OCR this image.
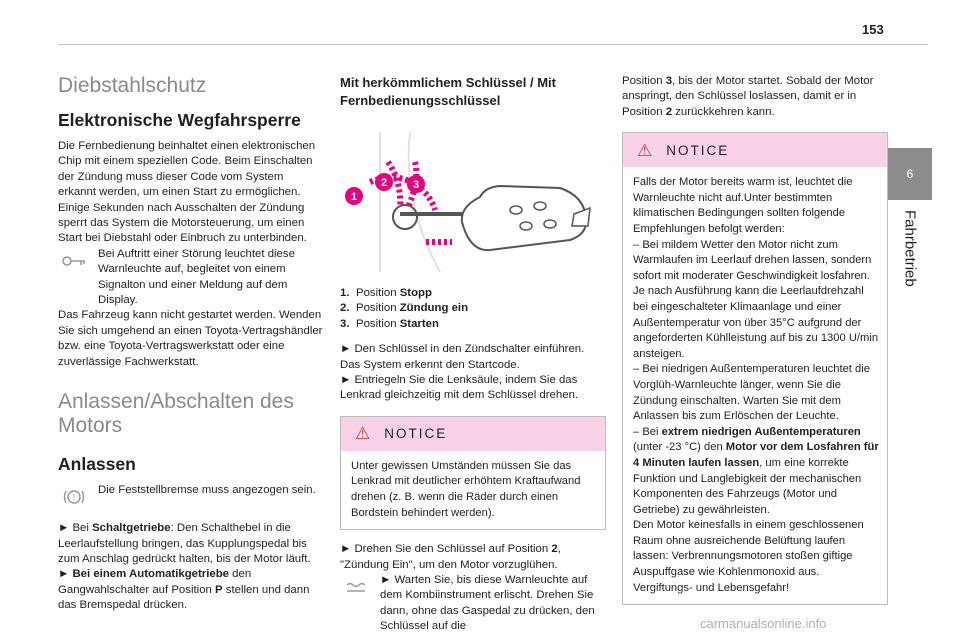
153
6
Fahrbetrieb
Diebstahlschutz
Elektronische Wegfahrsperre

Die Fernbedienung beinhaltet einen elektronischen Chip mit einem speziellen Code. Beim Einschalten der Zündung muss dieser Code vom System erkannt werden, um einen Start zu ermöglichen.

Einige Sekunden nach Ausschalten der Zündung sperrt das System die Motorsteuerung, um einen Start bei Diebstahl oder Einbruch zu unterbinden.

Bei Auftritt einer Störung leuchtet diese Warnleuchte auf, begleitet von einem Signalton und einer Meldung auf dem Display.

Das Fahrzeug kann nicht gestartet werden. Wenden Sie sich umgehend an einen Toyota-Vertragshändler bzw. eine Toyota-Vertragswerkstatt oder eine zuverlässige Fachwerkstatt.

Anlassen/Abschalten des Motors
Anlassen
!

Die Feststellbremse muss angezogen sein.

► Bei Schaltgetriebe: Den Schalthebel in die Leerlaufstellung bringen, das Kupplungspedal bis zum Anschlag gedrückt halten, bis der Motor läuft.

► Bei einem Automatikgetriebe den Gangwahlschalter auf Position P stellen und dann das Bremspedal drücken.

Mit herkömmlichem Schlüssel / Mit Fernbedienungsschlüssel
1
2 3
1. Position Stopp
2. Position Zündung ein
3. Position Starten

► Den Schlüssel in den Zündschalter einführen. Das System erkennt den Startcode.

► Entriegeln Sie die Lenksäule, indem Sie das Lenkrad gleichzeitig mit dem Schlüssel drehen.

⚠ NOTICE
Unter gewissen Umständen müssen Sie das Lenkrad mit deutlicher erhöhtem Kraftaufwand drehen (z. B. wenn die Räder durch einen Bordstein behindert werden).

► Drehen Sie den Schlüssel auf Position 2, "Zündung Ein", um den Motor vorzuglühen.

► Warten Sie, bis diese Warnleuchte auf dem Kombiinstrument erlischt. Drehen Sie dann, ohne das Gaspedal zu drücken, den Schlüssel auf die

Position 3, bis der Motor startet. Sobald der Motor anspringt, den Schlüssel loslassen, damit er in Position 2 zurückkehren kann.

⚠ NOTICE

Falls der Motor bereits warm ist, leuchtet die Warnleuchte nicht auf.Unter bestimmten klimatischen Bedingungen sollten folgende Empfehlungen befolgt werden:

– Bei mildem Wetter den Motor nicht zum Warmlaufen im Leerlauf drehen lassen, sondern sofort mit moderater Geschwindigkeit losfahren. Je nach Ausführung kann die Leerlaufdrehzahl bei eingeschalteter Klimaanlage und einer Außentemperatur von über 35°C aufgrund der angeforderten Kühlleistung auf bis zu 1300 U/min ansteigen.

– Bei niedrigen Außentemperaturen leuchtet die Vorglüh-Warnleuchte länger, wenn Sie die Zündung einschalten. Warten Sie mit dem Anlassen bis zum Erlöschen der Leuchte.

– Bei extrem niedrigen Außentemperaturen (unter -23 °C) den Motor vor dem Losfahren für 4 Minuten laufen lassen, um eine korrekte Funktion und Langlebigkeit der mechanischen Komponenten des Fahrzeugs (Motor und Getriebe) zu gewährleisten.

Den Motor keinesfalls in einem geschlossenen Raum ohne ausreichende Belüftung laufen lassen: Verbrennungsmotoren stoßen giftige Auspuffgase wie Kohlenmonoxid aus. Vergiftungs- und Lebensgefahr!

carmanualsonline.info
